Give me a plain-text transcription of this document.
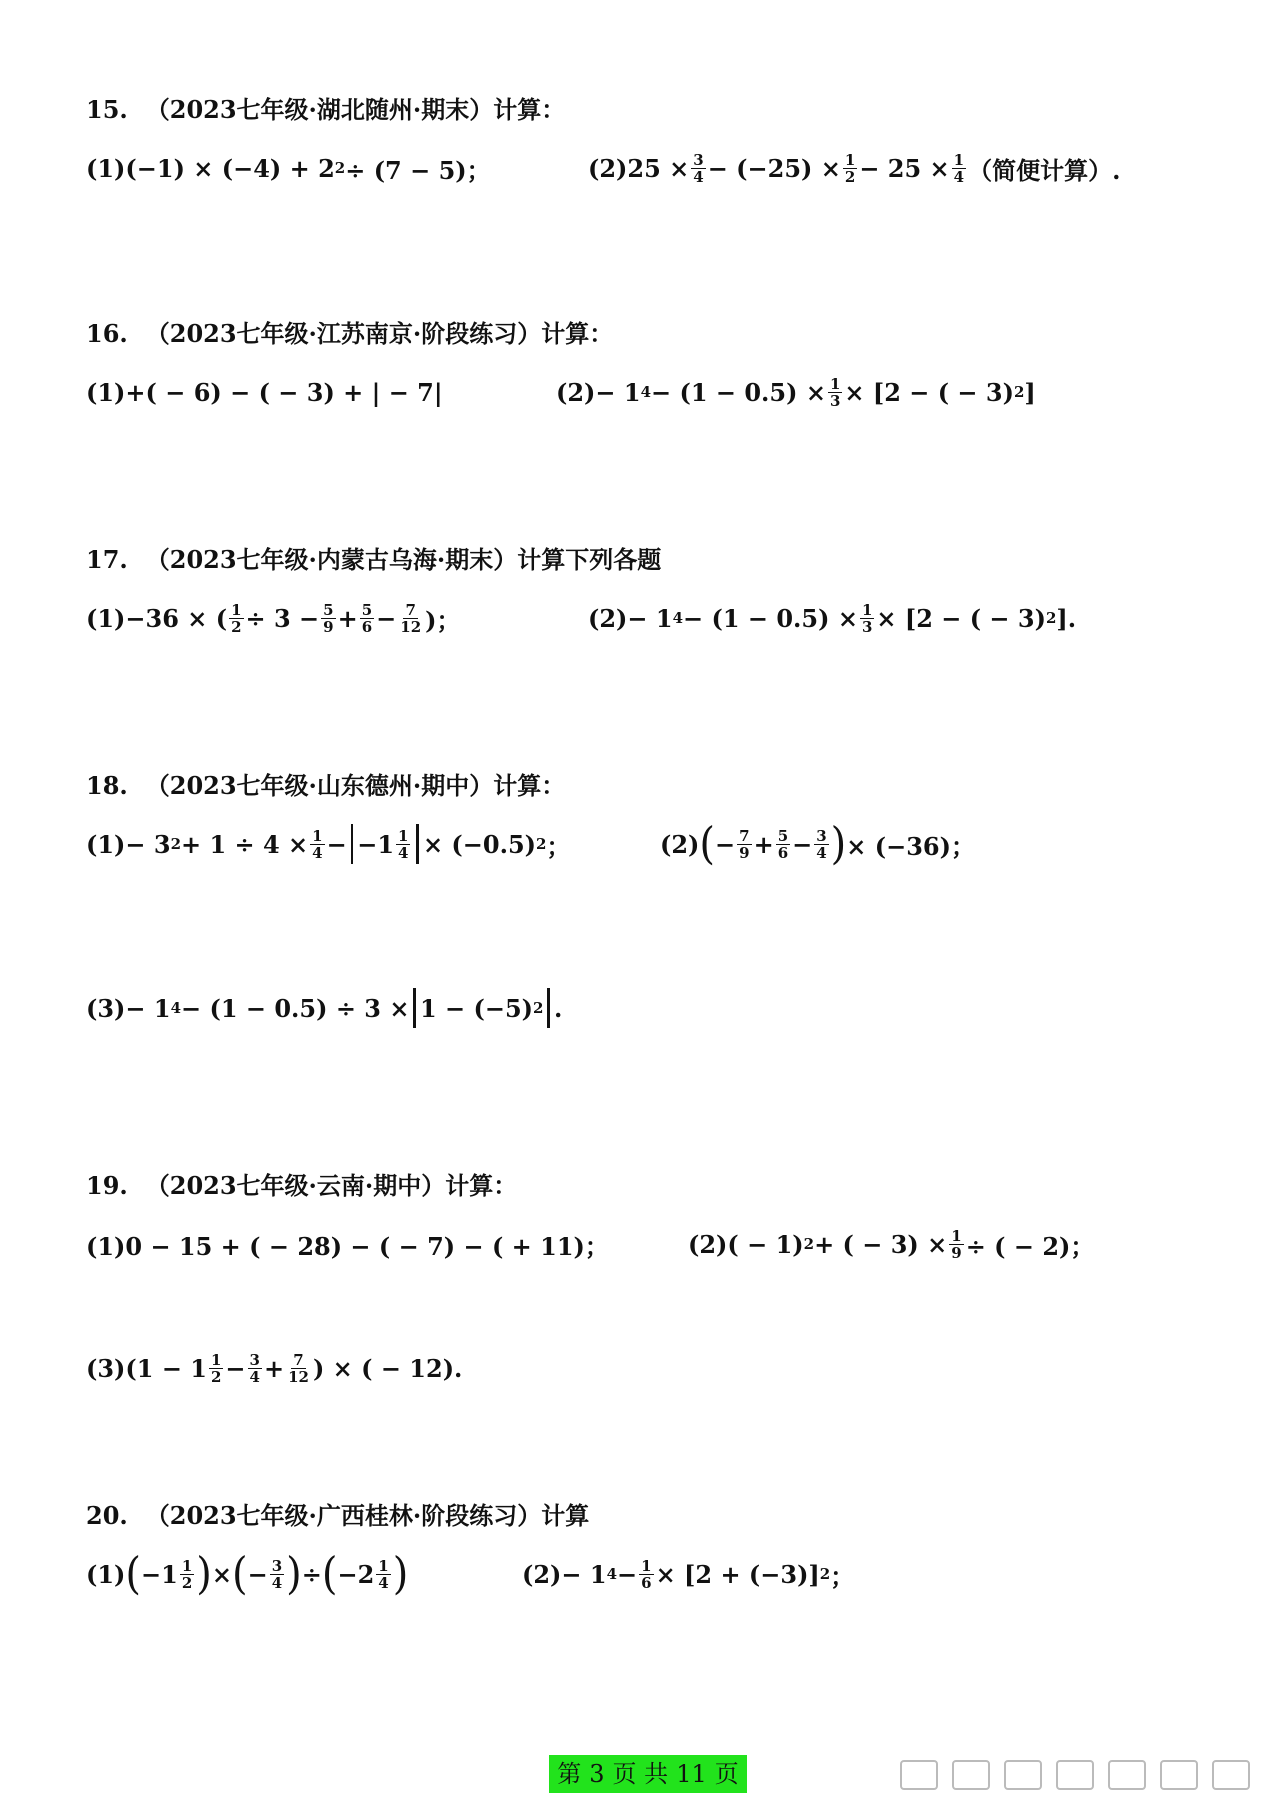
15. （2023七年级·湖北随州·期末）计算：
(1)(−1) × (−4) + 2 2 ÷ (7 − 5)；	$(2)25 \times \frac{3}{4} - (-25) \times \frac{1}{2} - 25 \times \frac{1}{4}$ （简便计算）.
16. （2023七年级·江苏南京·阶段练习）计算：
(1)+( − 6) − ( − 3) + | − 7|	(2)− 1 $4 - (1 - 0.5) \times \frac{1}{3} \times [2$ − ( − 3) 2 ]
17. （2023七年级·内蒙古乌海·期末）计算下列各题
(1)−36 × ( $\frac{1}{2} \div 3 - \frac{5}{9} + \frac{5}{6} - \frac{7}{12}$ )；	(2)− 1 $4 - (1 - 0.5) \times \frac{1}{3} \times [2$ − ( − 3) 2 ].
18. （2023七年级·山东德州·期中）计算：
(1)− 3 $2 + 1 \div 4 \times \frac{1}{4} - -1 \frac{1}{4} \times (-0.5)$ 2 ；	(2) ( − $\frac{7}{9} + \frac{5}{6} - \frac{3}{4}$ ) × (−36)；
(3)− 1 4 − (1 − 0.5) ÷ 3 × 1 − (−5) 2 .
19. （2023七年级·云南·期中）计算：
(1)0 − 15 + ( − 28) − ( − 7) − ( + 11)；	(2)( − 1) 2 + ( − $3) \times \frac{1}{9}$ ÷ ( − 2)；
$(3)(1 - 1 \frac{1}{2} - \frac{3}{4} + \frac{7}{12}$ ) × ( − 12).
20. （2023七年级·广西桂林·阶段练习）计算
(1) ( $-1 \frac{1}{2}$ ) × ( − $\frac{3}{4}$ ) ÷ ( $-2 \frac{1}{4}$ )	(2)− 1 $4 - \frac{1}{6} \times [2 + (-3)]$ 2 ；
第 3 页 共 11 页
